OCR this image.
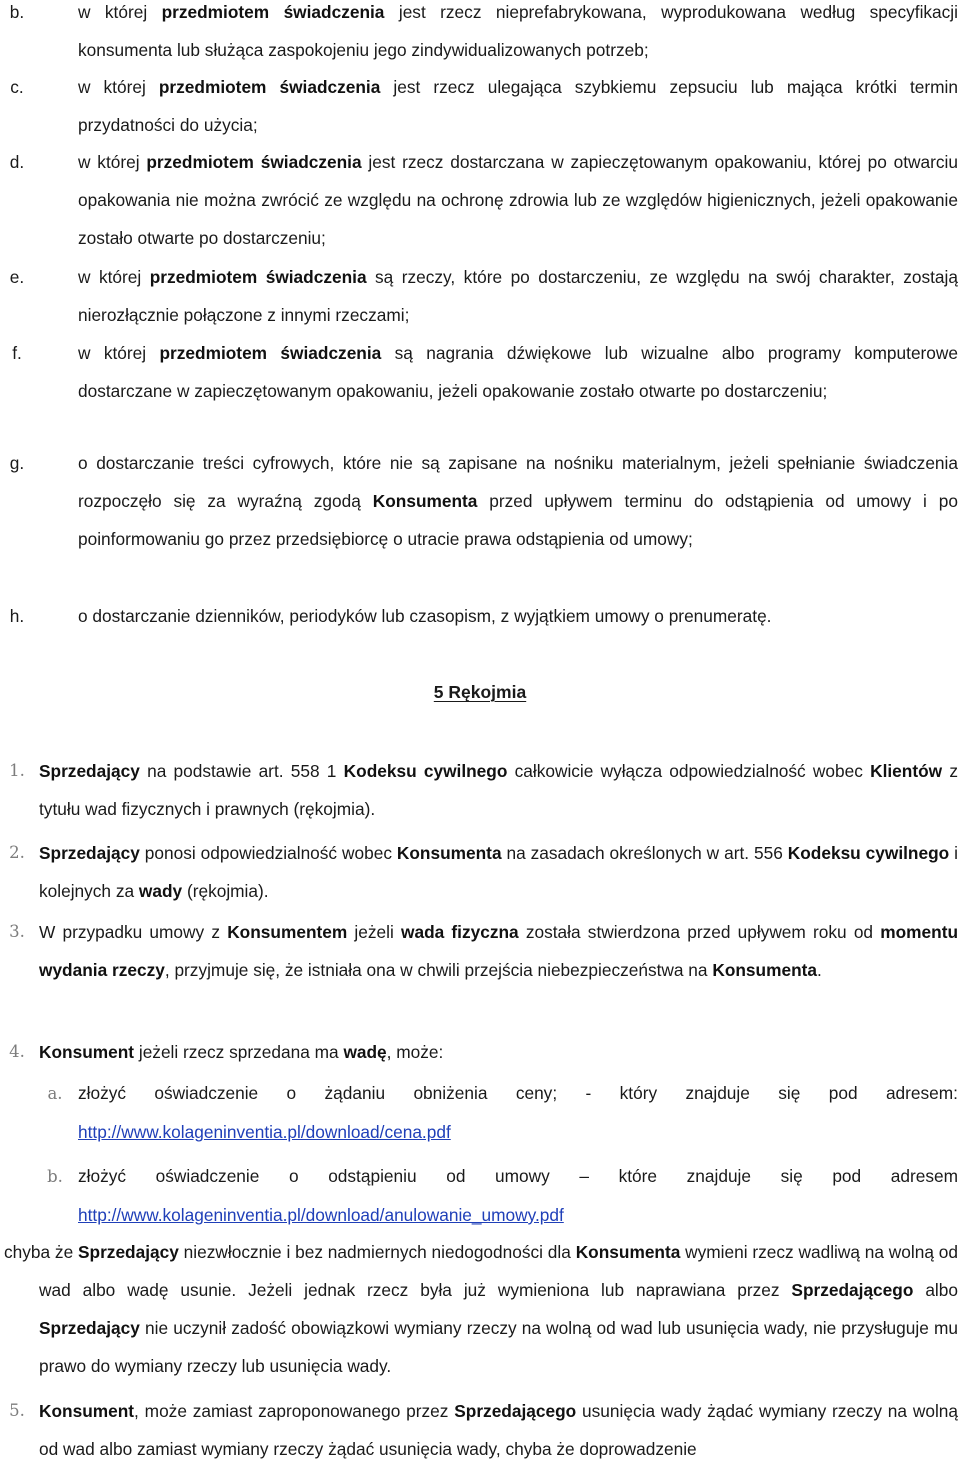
b.	w której przedmiotem świadczenia jest rzecz nieprefabrykowana, wyprodukowana według specyfikacji konsumenta lub służąca zaspokojeniu jego zindywidualizowanych potrzeb;
c.	w której przedmiotem świadczenia jest rzecz ulegająca szybkiemu zepsuciu lub mająca krótki termin przydatności do użycia;
d.	w której przedmiotem świadczenia jest rzecz dostarczana w zapieczętowanym opakowaniu, której po otwarciu opakowania nie można zwrócić ze względu na ochronę zdrowia lub ze względów higienicznych, jeżeli opakowanie zostało otwarte po dostarczeniu;
e.	w której przedmiotem świadczenia są rzeczy, które po dostarczeniu, ze względu na swój charakter, zostają nierozłącznie połączone z innymi rzeczami;
f.	w której przedmiotem świadczenia są nagrania dźwiękowe lub wizualne albo programy komputerowe dostarczane w zapieczętowanym opakowaniu, jeżeli opakowanie zostało otwarte po dostarczeniu;
g.	o dostarczanie treści cyfrowych, które nie są zapisane na nośniku materialnym, jeżeli spełnianie świadczenia rozpoczęło się za wyraźną zgodą Konsumenta przed upływem terminu do odstąpienia od umowy i po poinformowaniu go przez przedsiębiorcę o utracie prawa odstąpienia od umowy;
h.	o dostarczanie dzienników, periodyków lub czasopism, z wyjątkiem umowy o prenumeratę.
5 Rękojmia
1. Sprzedający na podstawie art. 558 1 Kodeksu cywilnego całkowicie wyłącza odpowiedzialność wobec Klientów z tytułu wad fizycznych i prawnych (rękojmia).
2. Sprzedający ponosi odpowiedzialność wobec Konsumenta na zasadach określonych w art. 556 Kodeksu cywilnego i kolejnych za wady (rękojmia).
3. W przypadku umowy z Konsumentem jeżeli wada fizyczna została stwierdzona przed upływem roku od momentu wydania rzeczy, przyjmuje się, że istniała ona w chwili przejścia niebezpieczeństwa na Konsumenta.
4. Konsument jeżeli rzecz sprzedana ma wadę, może:
a. złożyć oświadczenie o żądaniu obniżenia ceny; - który znajduje się pod adresem: http://www.kolageninventia.pl/download/cena.pdf
b. złożyć oświadczenie o odstąpieniu od umowy – które znajduje się pod adresem http://www.kolageninventia.pl/download/anulowanie_umowy.pdf
chyba że Sprzedający niezwłocznie i bez nadmiernych niedogodności dla Konsumenta wymieni rzecz wadliwą na wolną od wad albo wadę usunie. Jeżeli jednak rzecz była już wymieniona lub naprawiana przez Sprzedającego albo Sprzedający nie uczynił zadość obowiązkowi wymiany rzeczy na wolną od wad lub usunięcia wady, nie przysługuje mu prawo do wymiany rzeczy lub usunięcia wady.
5. Konsument, może zamiast zaproponowanego przez Sprzedającego usunięcia wady żądać wymiany rzeczy na wolną od wad albo zamiast wymiany rzeczy żądać usunięcia wady, chyba że doprowadzenie
